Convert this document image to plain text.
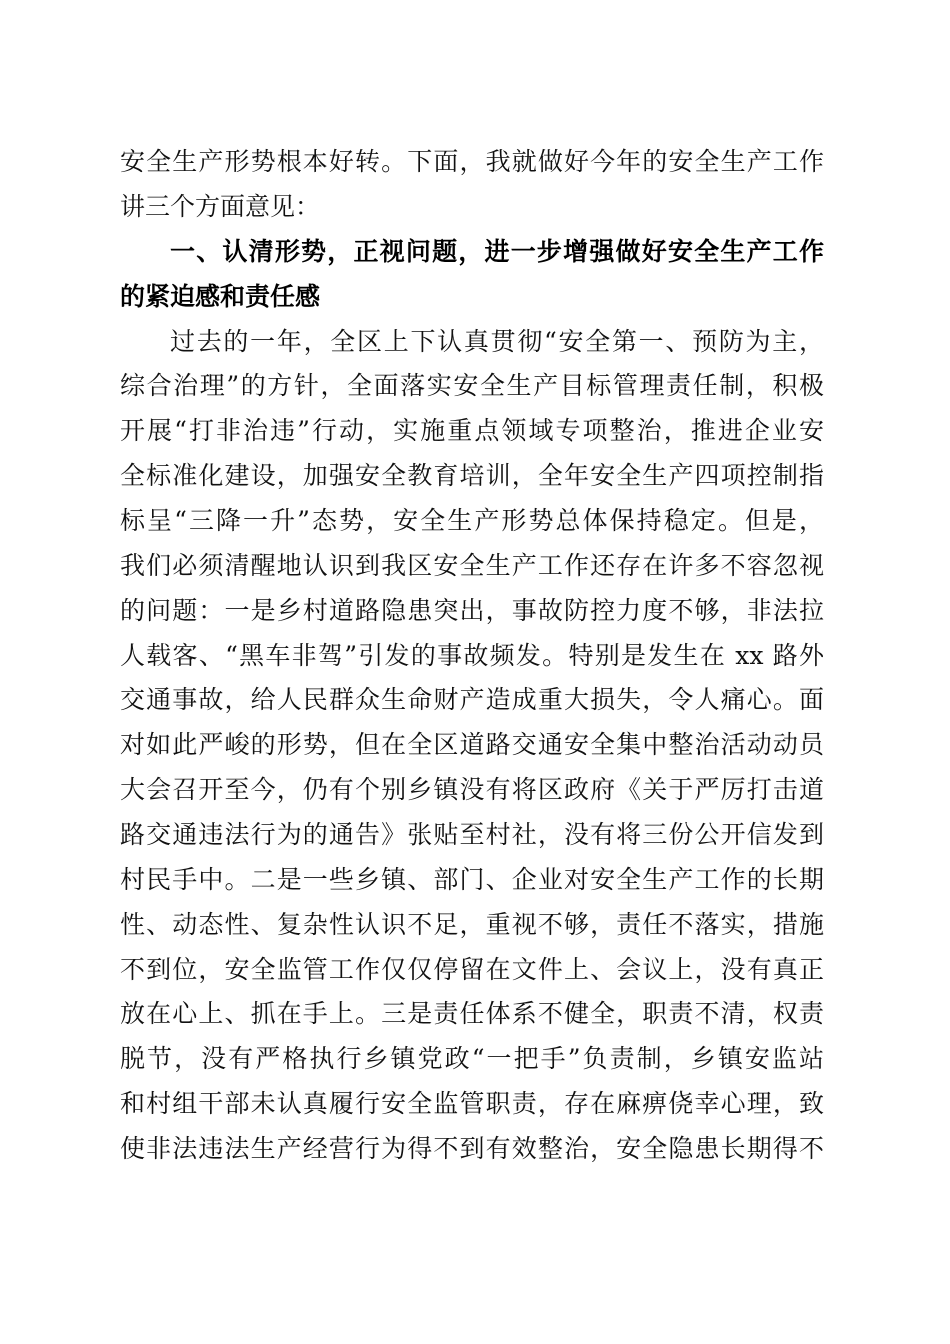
安全生产形势根本好转。下面，我就做好今年的安全生产工作
讲三个方面意见：
一、认清形势，正视问题，进一步增强做好安全生产工作
的紧迫感和责任感
过去的一年，全区上下认真贯彻“安全第一、预防为主，
综合治理”的方针，全面落实安全生产目标管理责任制，积极
开展“打非治违”行动，实施重点领域专项整治，推进企业安
全标准化建设，加强安全教育培训，全年安全生产四项控制指
标呈“三降一升”态势，安全生产形势总体保持稳定。但是，
我们必须清醒地认识到我区安全生产工作还存在许多不容忽视
的问题：一是乡村道路隐患突出，事故防控力度不够，非法拉
人载客、“黑车非驾”引发的事故频发。特别是发生在 xx 路外
交通事故，给人民群众生命财产造成重大损失，令人痛心。面
对如此严峻的形势，但在全区道路交通安全集中整治活动动员
大会召开至今，仍有个别乡镇没有将区政府《关于严厉打击道
路交通违法行为的通告》张贴至村社，没有将三份公开信发到
村民手中。二是一些乡镇、部门、企业对安全生产工作的长期
性、动态性、复杂性认识不足，重视不够，责任不落实，措施
不到位，安全监管工作仅仅停留在文件上、会议上，没有真正
放在心上、抓在手上。三是责任体系不健全，职责不清，权责
脱节，没有严格执行乡镇党政“一把手”负责制，乡镇安监站
和村组干部未认真履行安全监管职责，存在麻痹侥幸心理，致
使非法违法生产经营行为得不到有效整治，安全隐患长期得不
